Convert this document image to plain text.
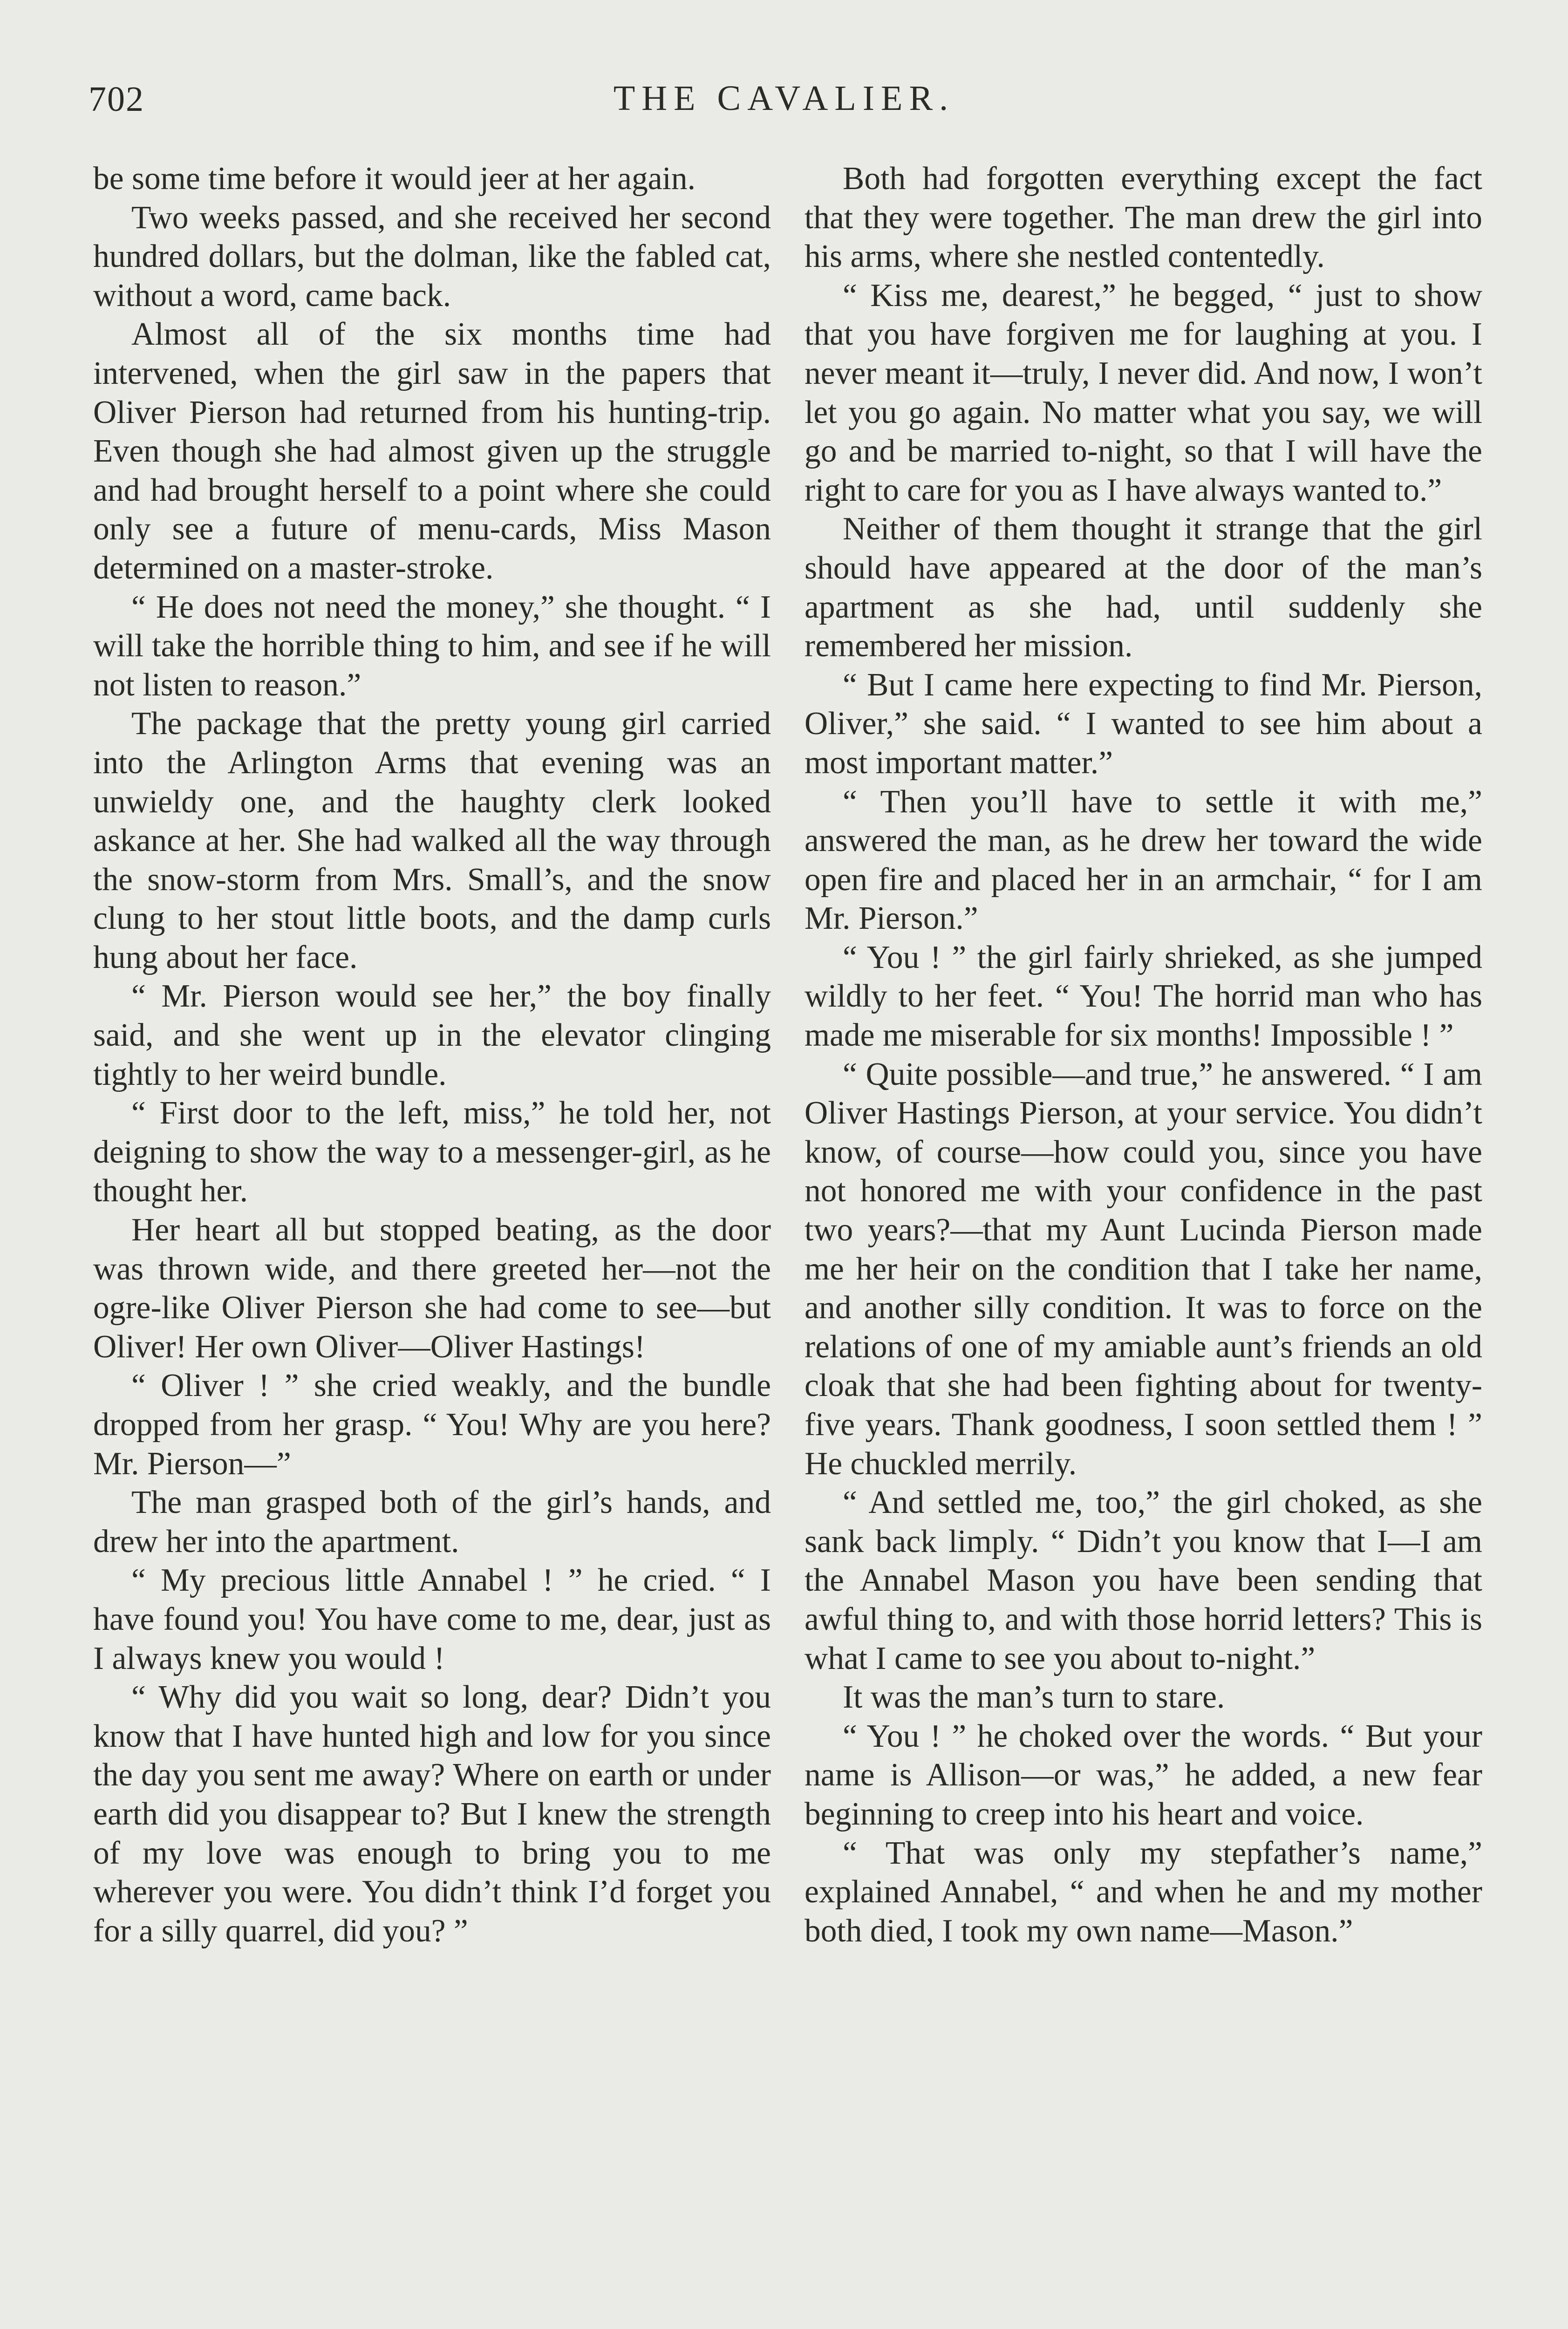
702	THE CAVALIER.

be some time before it would jeer at her again.

Two weeks passed, and she received her second hundred dollars, but the dolman, like the fabled cat, without a word, came back.

Almost all of the six months time had intervened, when the girl saw in the papers that Oliver Pierson had returned from his hunting-trip. Even though she had almost given up the struggle and had brought herself to a point where she could only see a future of menu-cards, Miss Mason determined on a master-stroke.

“ He does not need the money,” she thought. “ I will take the horrible thing to him, and see if he will not listen to reason.”

The package that the pretty young girl carried into the Arlington Arms that evening was an unwieldy one, and the haughty clerk looked askance at her. She had walked all the way through the snow-storm from Mrs. Small’s, and the snow clung to her stout little boots, and the damp curls hung about her face.

“ Mr. Pierson would see her,” the boy finally said, and she went up in the elevator clinging tightly to her weird bundle.

“ First door to the left, miss,” he told her, not deigning to show the way to a messenger-girl, as he thought her.

Her heart all but stopped beating, as the door was thrown wide, and there greeted her—not the ogre-like Oliver Pierson she had come to see—but Oliver! Her own Oliver—Oliver Hastings!

“ Oliver ! ” she cried weakly, and the bundle dropped from her grasp. “ You! Why are you here? Mr. Pierson—”

The man grasped both of the girl’s hands, and drew her into the apartment.

“ My precious little Annabel ! ” he cried. “ I have found you! You have come to me, dear, just as I always knew you would !

“ Why did you wait so long, dear? Didn’t you know that I have hunted high and low for you since the day you sent me away? Where on earth or under earth did you disappear to? But I knew the strength of my love was enough to bring you to me wherever you were. You didn’t think I’d forget you for a silly quarrel, did you? ”

Both had forgotten everything except the fact that they were together. The man drew the girl into his arms, where she nestled contentedly.

“ Kiss me, dearest,” he begged, “ just to show that you have forgiven me for laughing at you. I never meant it—truly, I never did. And now, I won’t let you go again. No matter what you say, we will go and be married to-night, so that I will have the right to care for you as I have always wanted to.”

Neither of them thought it strange that the girl should have appeared at the door of the man’s apartment as she had, until suddenly she remembered her mission.

“ But I came here expecting to find Mr. Pierson, Oliver,” she said. “ I wanted to see him about a most important matter.”

“ Then you’ll have to settle it with me,” answered the man, as he drew her toward the wide open fire and placed her in an armchair, “ for I am Mr. Pierson.”

“ You ! ” the girl fairly shrieked, as she jumped wildly to her feet. “ You! The horrid man who has made me miserable for six months! Impossible ! ”

“ Quite possible—and true,” he answered. “ I am Oliver Hastings Pierson, at your service. You didn’t know, of course—how could you, since you have not honored me with your confidence in the past two years?—that my Aunt Lucinda Pierson made me her heir on the condition that I take her name, and another silly condition. It was to force on the relations of one of my amiable aunt’s friends an old cloak that she had been fighting about for twenty-five years. Thank goodness, I soon settled them ! ” He chuckled merrily.

“ And settled me, too,” the girl choked, as she sank back limply. “ Didn’t you know that I—I am the Annabel Mason you have been sending that awful thing to, and with those horrid letters? This is what I came to see you about to-night.”

It was the man’s turn to stare.

“ You ! ” he choked over the words. “ But your name is Allison—or was,” he added, a new fear beginning to creep into his heart and voice.

“ That was only my stepfather’s name,” explained Annabel, “ and when he and my mother both died, I took my own name—Mason.”
